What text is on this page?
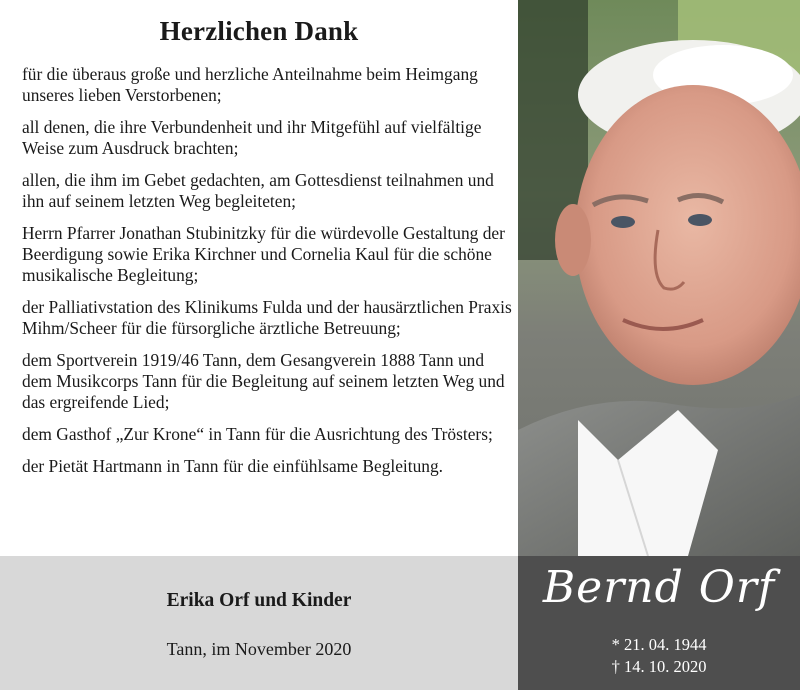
Herzlichen Dank

für die überaus große und herzliche Anteilnahme beim Heimgang unseres lieben Verstorbenen;

all denen, die ihre Verbundenheit und ihr Mitgefühl auf vielfältige Weise zum Ausdruck brachten;

allen, die ihm im Gebet gedachten, am Gottesdienst teilnahmen und ihn auf seinem letzten Weg begleiteten;

Herrn Pfarrer Jonathan Stubinitzky für die würdevolle Gestaltung der Beerdigung sowie Erika Kirchner und Cornelia Kaul für die schöne musikalische Begleitung;

der Palliativstation des Klinikums Fulda und der hausärztlichen Praxis Mihm/Scheer für die fürsorgliche ärztliche Betreuung;

dem Sportverein 1919/46 Tann, dem Gesangverein 1888 Tann und dem Musikcorps Tann für die Begleitung auf seinem letzten Weg und das ergreifende Lied;

dem Gasthof „Zur Krone“ in Tann für die Ausrichtung des Trösters;

der Pietät Hartmann in Tann für die einfühlsame Begleitung.

Erika Orf und Kinder
Tann, im November 2020
Bernd Orf
* 21. 04. 1944
† 14. 10. 2020
